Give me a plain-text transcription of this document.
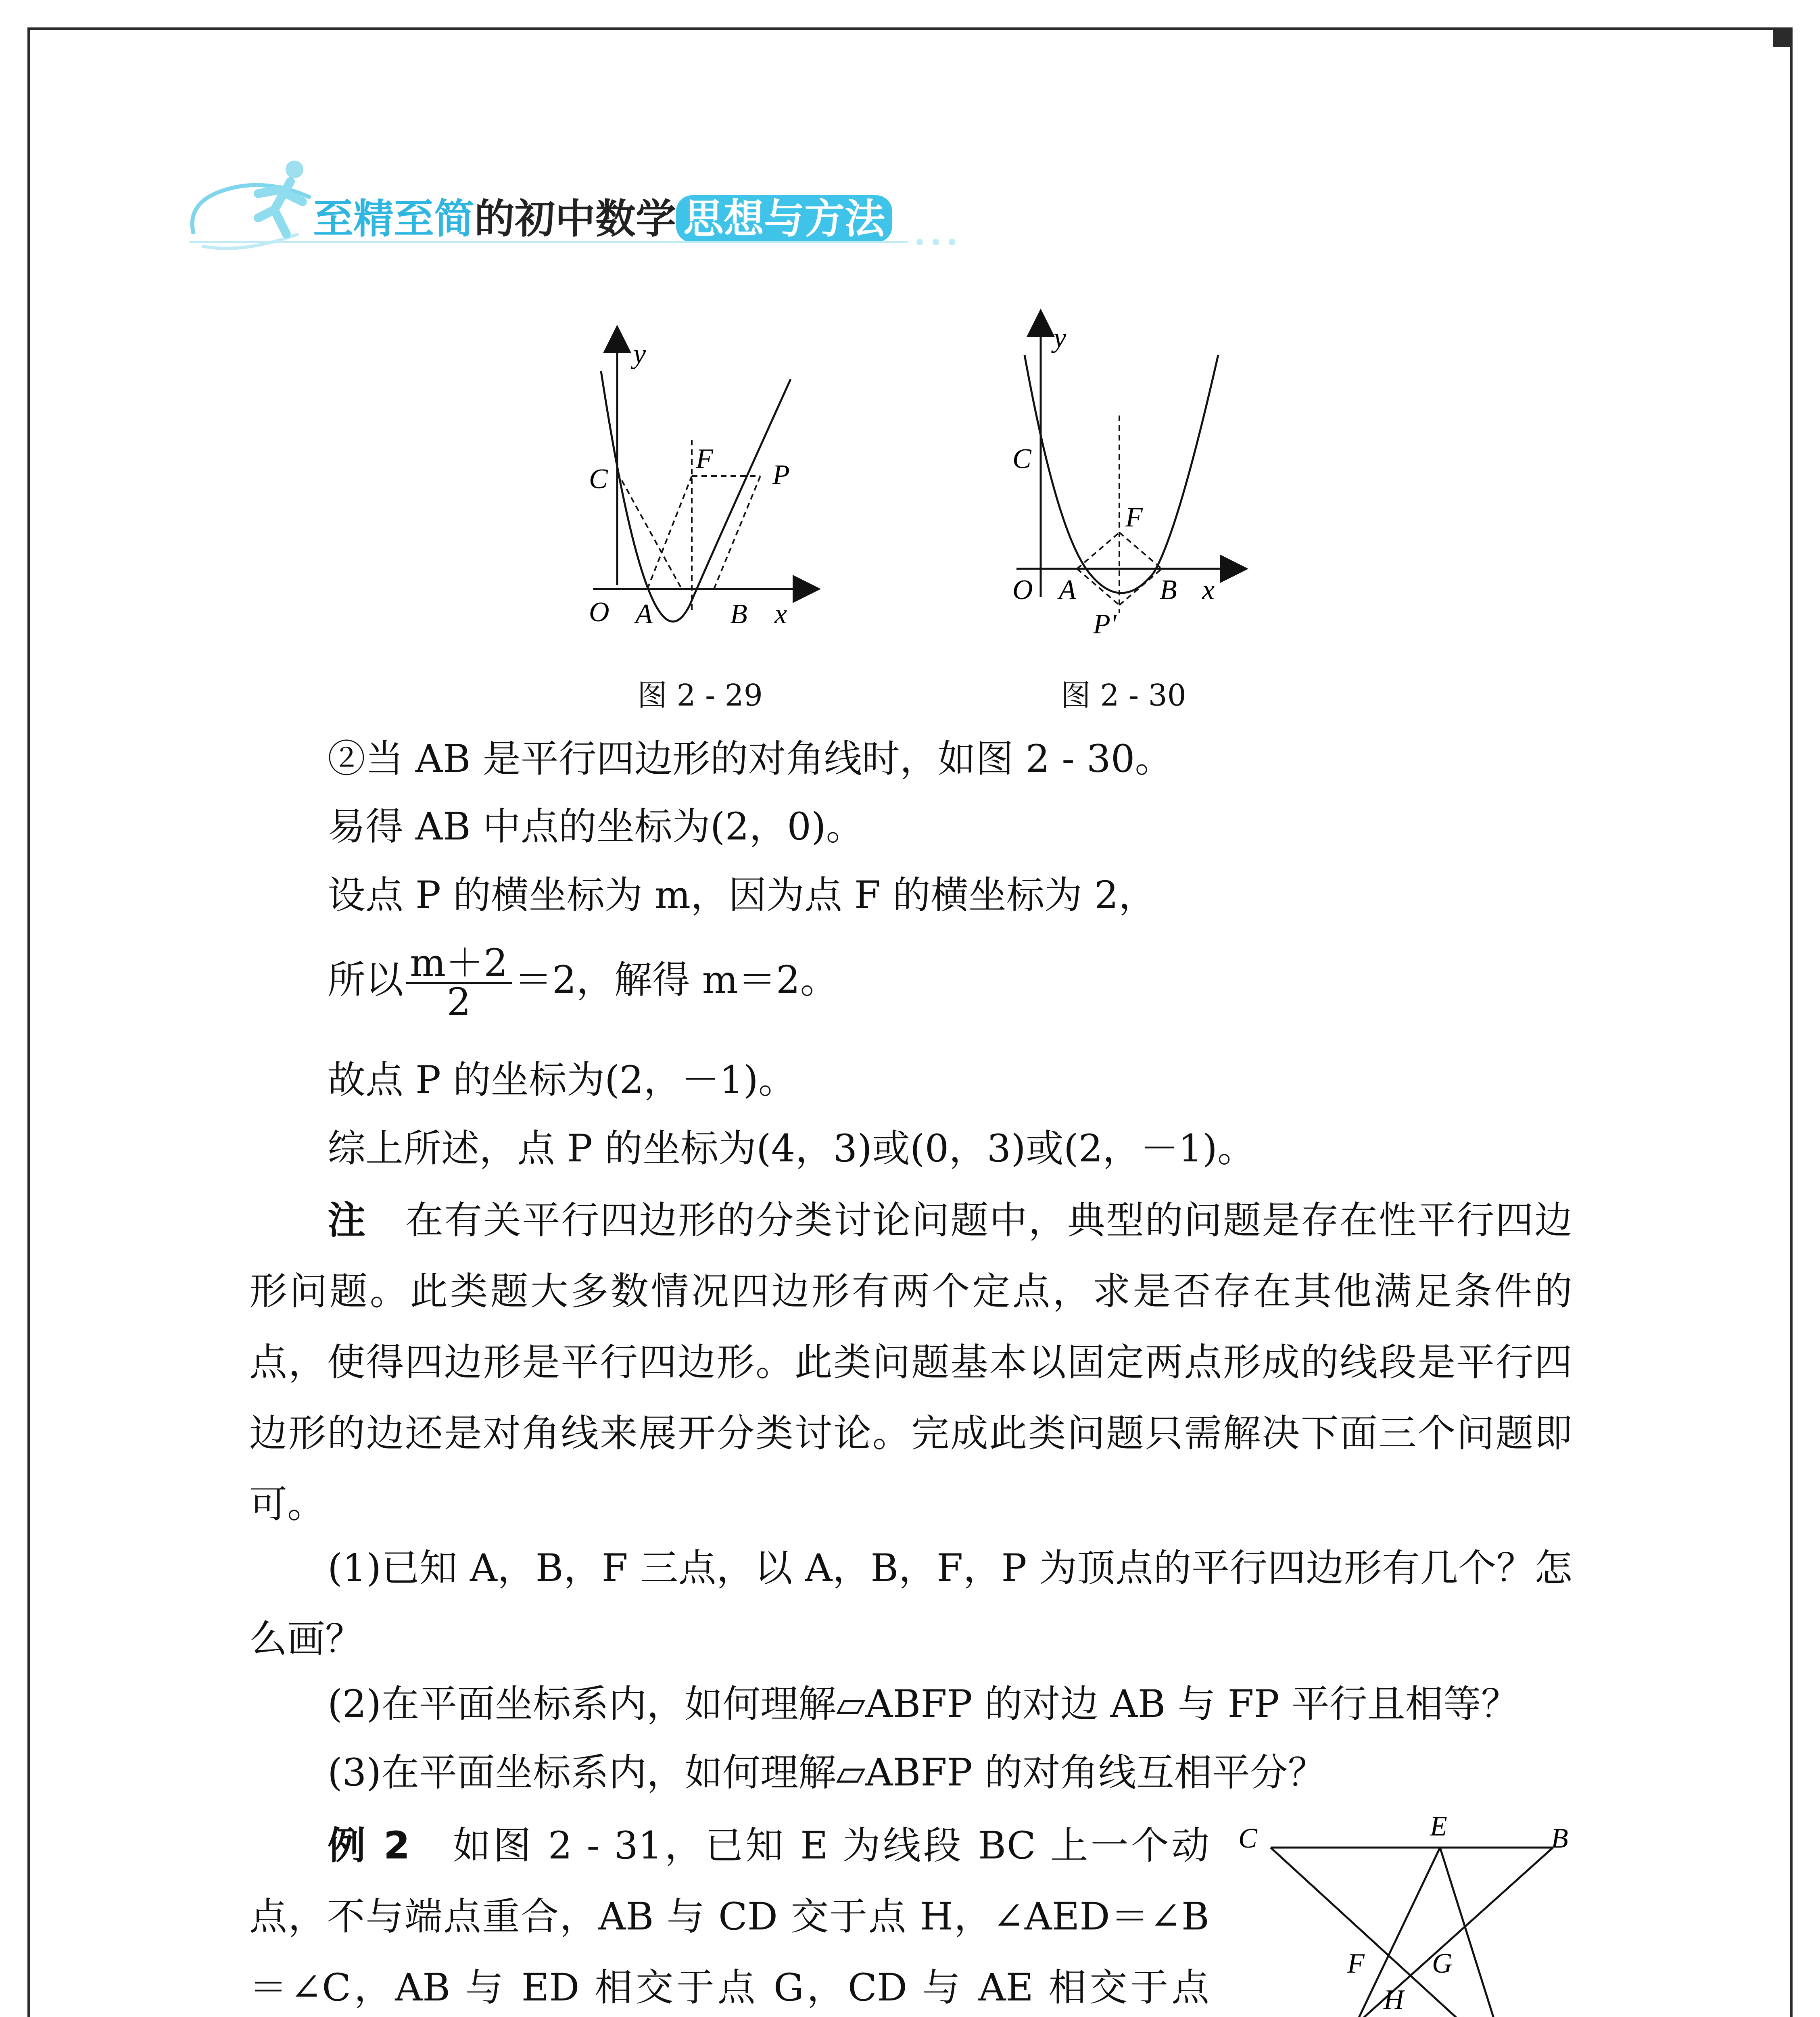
至精至简的初中数学 思想与方法
y
C
F
P
O A	B x
图 2 - 29
y
C
F
O A	B x
P'
图 2 - 30
②当 AB 是平行四边形的对角线时，如图 2 - 30。
易得 AB 中点的坐标为(2，0)。
设点 P 的横坐标为 m，因为点 F 的横坐标为 2，
所以 $\frac{m+2}{2} =2$，解得 m＝2。
故点 P 的坐标为(2，－1)。
综上所述，点 P 的坐标为(4，3)或(0，3)或(2，－1)。
注　 在有关平行四边形的分类讨论问题中，典型的问题是存在性平行四边形问题。此类题大多数情况四边形有两个定点，求是否存在其他满足条件的点，使得四边形是平行四边形。此类问题基本以固定两点形成的线段是平行四边形的边还是对角线来展开分类讨论。完成此类问题只需解决下面三个问题即可。
(1)已知 A，B，F 三点，以 A，B，F，P 为顶点的平行四边形有几个？怎么画？
(2)在平面坐标系内，如何理解▱ABFP 的对边 AB 与 FP 平行且相等？
(3)在平面坐标系内，如何理解▱ABFP 的对角线互相平分？
例 2　 如图 2 - 31，已知 E 为线段 BC 上一个动点，不与端点重合，AB 与 CD 交于点 H，∠AED＝∠B＝∠C，AB 与 ED 相交于点 G，CD 与 AE 相交于点
C	E	B
F G
H
